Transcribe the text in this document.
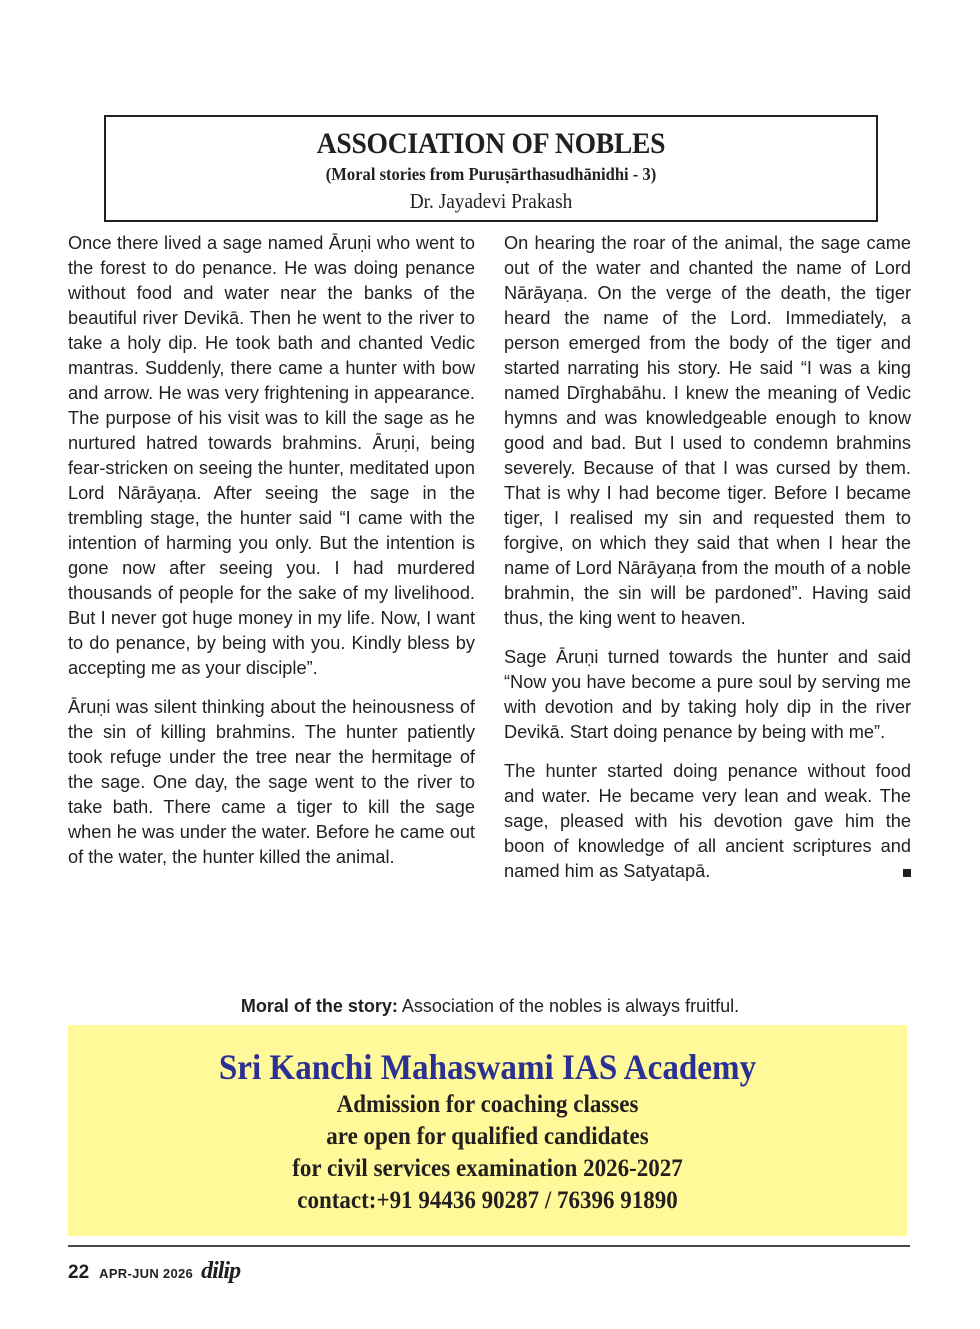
ASSOCIATION OF NOBLES
(Moral stories from Puruṣārthasudhānidhi - 3)
Dr. Jayadevi Prakash

Once there lived a sage named Āruṇi who went to the forest to do penance. He was doing penance without food and water near the banks of the beautiful river Devikā. Then he went to the river to take a holy dip. He took bath and chanted Vedic mantras. Suddenly, there came a hunter with bow and arrow. He was very frightening in appearance. The purpose of his visit was to kill the sage as he nurtured hatred towards brahmins. Āruṇi, being fear-stricken on seeing the hunter, meditated upon Lord Nārāyaṇa. After seeing the sage in the trembling stage, the hunter said “I came with the intention of harming you only. But the intention is gone now after seeing you. I had murdered thousands of people for the sake of my livelihood. But I never got huge money in my life. Now, I want to do penance, by being with you. Kindly bless by accepting me as your disciple”.

Āruṇi was silent thinking about the heinousness of the sin of killing brahmins. The hunter patiently took refuge under the tree near the hermitage of the sage. One day, the sage went to the river to take bath. There came a tiger to kill the sage when he was under the water. Before he came out of the water, the hunter killed the animal.

On hearing the roar of the animal, the sage came out of the water and chanted the name of Lord Nārāyaṇa. On the verge of the death, the tiger heard the name of the Lord. Immediately, a person emerged from the body of the tiger and started narrating his story. He said “I was a king named Dīrghabāhu. I knew the meaning of Vedic hymns and was knowledgeable enough to know good and bad. But I used to condemn brahmins severely. Because of that I was cursed by them. That is why I had become tiger. Before I became tiger, I realised my sin and requested them to forgive, on which they said that when I hear the name of Lord Nārāyaṇa from the mouth of a noble brahmin, the sin will be pardoned”. Having said thus, the king went to heaven.

Sage Āruṇi turned towards the hunter and said “Now you have become a pure soul by serving me with devotion and by taking holy dip in the river Devikā. Start doing penance by being with me”.

The hunter started doing penance without food and water. He became very lean and weak. The sage, pleased with his devotion gave him the boon of knowledge of all ancient scriptures and named him as Satyatapā.

Moral of the story: Association of the nobles is always fruitful.
Sri Kanchi Mahaswami IAS Academy
Admission for coaching classes
are open for qualified candidates
for civil services examination 2026-2027
contact:+91 94436 90287 / 76396 91890
22 APR-JUN 2026 dilip
